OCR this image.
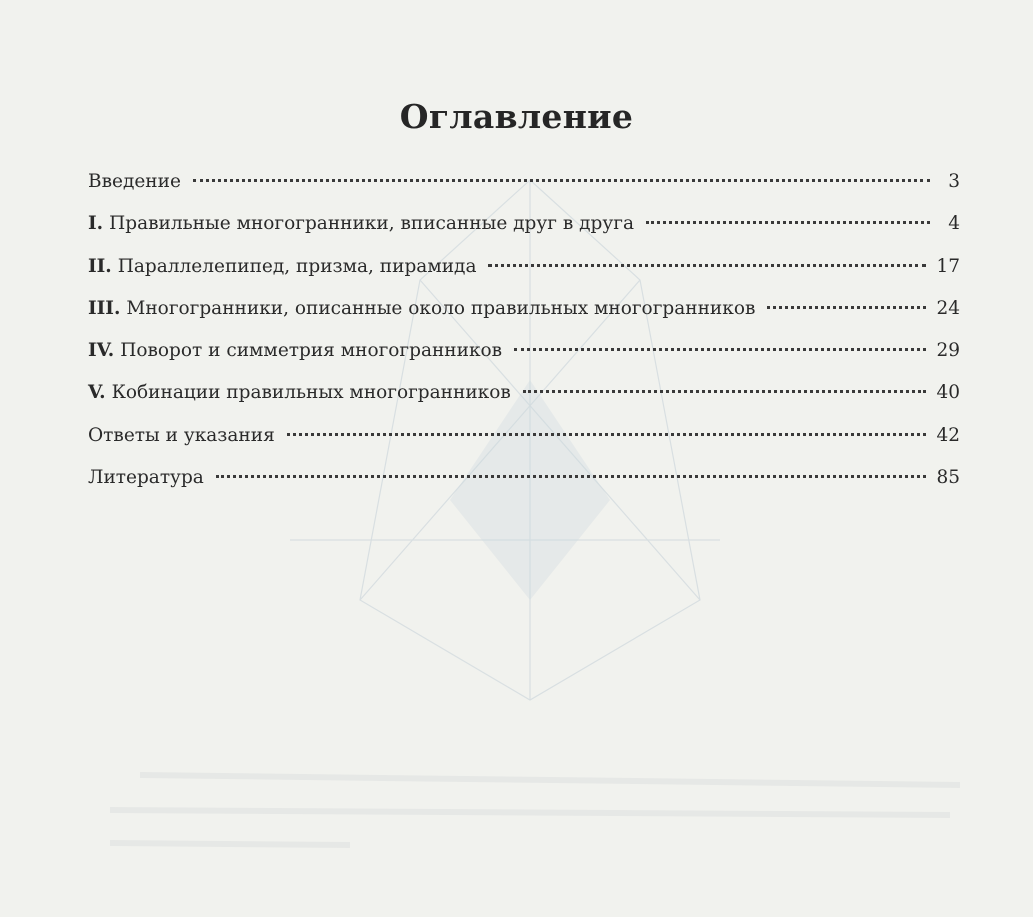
Оглавление
Введение	3
I. Правильные многогранники, вписанные друг в друга	4
II. Параллелепипед, призма, пирамида	17
III. Многогранники, описанные около правильных многогранников	24
IV. Поворот и симметрия многогранников	29
V. Кобинации правильных многогранников	40
Ответы и указания	42
Литература	85
